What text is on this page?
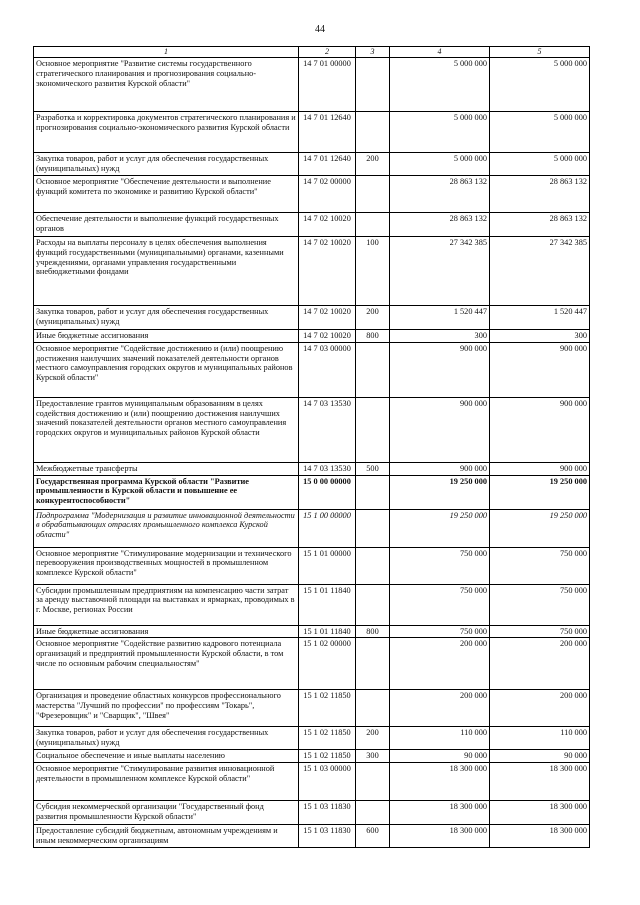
44
1	2	3	4	5
Основное мероприятие "Развитие системы государственного стратегического планирования и прогнозирования социально-экономического развития Курской области"	14 7 01 00000		5 000 000	5 000 000
Разработка и корректировка документов стратегического планирования и прогнозирования социально-экономического развития Курской области	14 7 01 12640		5 000 000	5 000 000
Закупка товаров, работ и услуг для обеспечения государственных (муниципальных) нужд	14 7 01 12640	200	5 000 000	5 000 000
Основное мероприятие "Обеспечение деятельности и выполнение функций комитета по экономике и развитию Курской области"	14 7 02 00000		28 863 132	28 863 132
Обеспечение деятельности и выполнение функций государственных органов	14 7 02 10020		28 863 132	28 863 132
Расходы на выплаты персоналу в целях обеспечения выполнения функций государственными (муниципальными) органами, казенными учреждениями, органами управления государственными внебюджетными фондами	14 7 02 10020	100	27 342 385	27 342 385
Закупка товаров, работ и услуг для обеспечения государственных (муниципальных) нужд	14 7 02 10020	200	1 520 447	1 520 447
Иные бюджетные ассигнования	14 7 02 10020	800	300	300
Основное мероприятие "Содействие достижению и (или) поощрению достижения наилучших значений показателей деятельности органов местного самоуправления городских округов и муниципальных районов Курской области"	14 7 03 00000		900 000	900 000
Предоставление грантов муниципальным образованиям в целях содействия достижению и (или) поощрению достижения наилучших значений показателей деятельности органов местного самоуправления городских округов и муниципальных районов Курской области	14 7 03 13530		900 000	900 000
Межбюджетные трансферты	14 7 03 13530	500	900 000	900 000
Государственная программа Курской области "Развитие промышленности в Курской области и повышение ее конкурентоспособности"	15 0 00 00000		19 250 000	19 250 000
Подпрограмма "Модернизация и развитие инновационной деятельности в обрабатывающих отраслях промышленного комплекса Курской области"	15 1 00 00000		19 250 000	19 250 000
Основное мероприятие "Стимулирование модернизации и технического перевооружения производственных мощностей в промышленном комплексе Курской области"	15 1 01 00000		750 000	750 000
Субсидии промышленным предприятиям на компенсацию части затрат за аренду выставочной площади на выставках и ярмарках, проводимых в г. Москве, регионах России	15 1 01 11840		750 000	750 000
Иные бюджетные ассигнования	15 1 01 11840	800	750 000	750 000
Основное мероприятие "Содействие развитию кадрового потенциала организаций и предприятий промышленности Курской области, в том числе по основным рабочим специальностям"	15 1 02 00000		200 000	200 000
Организация и проведение областных конкурсов профессионального мастерства "Лучший по профессии" по профессиям "Токарь", "Фрезеровщик" и "Сварщик", "Швея"	15 1 02 11850		200 000	200 000
Закупка товаров, работ и услуг для обеспечения государственных (муниципальных) нужд	15 1 02 11850	200	110 000	110 000
Социальное обеспечение и иные выплаты населению	15 1 02 11850	300	90 000	90 000
Основное мероприятие "Стимулирование развития инновационной деятельности в промышленном комплексе Курской области"	15 1 03 00000		18 300 000	18 300 000
Субсидия некоммерческой организации "Государственный фонд развития промышленности Курской области"	15 1 03 11830		18 300 000	18 300 000
Предоставление субсидий бюджетным, автономным учреждениям и иным некоммерческим организациям	15 1 03 11830	600	18 300 000	18 300 000
